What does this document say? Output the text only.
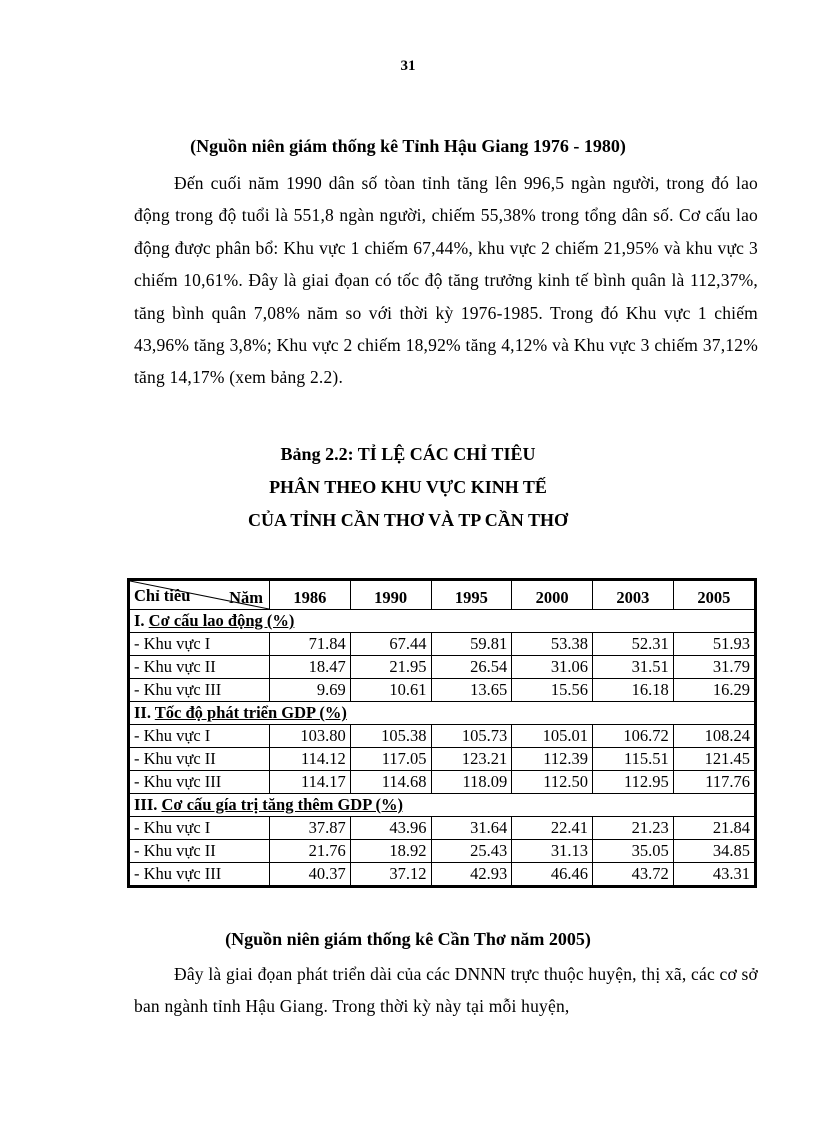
31
(Nguồn niên giám thống kê Tỉnh Hậu Giang 1976 - 1980)

Đến cuối năm 1990 dân số tòan tỉnh tăng lên 996,5 ngàn người, trong đó lao động trong độ tuổi là 551,8 ngàn người, chiếm 55,38% trong tổng dân số. Cơ cấu lao động được phân bổ: Khu vực 1 chiếm 67,44%, khu vực 2 chiếm 21,95% và khu vực 3 chiếm 10,61%. Đây là giai đọan có tốc độ tăng trưởng kinh tế bình quân là 112,37%, tăng bình quân 7,08% năm so với thời kỳ 1976-1985. Trong đó Khu vực 1 chiếm 43,96% tăng 3,8%; Khu vực 2 chiếm 18,92% tăng 4,12% và Khu vực 3 chiếm 37,12% tăng 14,17% (xem bảng 2.2).

Bảng 2.2: TỈ LỆ CÁC CHỈ TIÊU
PHÂN THEO KHU VỰC KINH TẾ
CỦA TỈNH CẦN THƠ VÀ TP CẦN THƠ
Năm
Chỉ tiêu	1986	1990	1995	2000	2003	2005
I. Cơ cấu lao động (%)						
- Khu vực I	71.84	67.44	59.81	53.38	52.31	51.93
- Khu vực II	18.47	21.95	26.54	31.06	31.51	31.79
- Khu vực III	9.69	10.61	13.65	15.56	16.18	16.29
II. Tốc độ phát triển GDP (%)						
- Khu vực I	103.80	105.38	105.73	105.01	106.72	108.24
- Khu vực II	114.12	117.05	123.21	112.39	115.51	121.45
- Khu vực III	114.17	114.68	118.09	112.50	112.95	117.76
III. Cơ cấu gía trị tăng thêm GDP (%)						
- Khu vực I	37.87	43.96	31.64	22.41	21.23	21.84
- Khu vực II	21.76	18.92	25.43	31.13	35.05	34.85
- Khu vực III	40.37	37.12	42.93	46.46	43.72	43.31
(Nguồn niên giám thống kê Cần Thơ năm 2005)

Đây là giai đọan phát triển dài của các DNNN trực thuộc huyện, thị xã, các cơ sở ban ngành tỉnh Hậu Giang. Trong thời kỳ này tại mỗi huyện,
